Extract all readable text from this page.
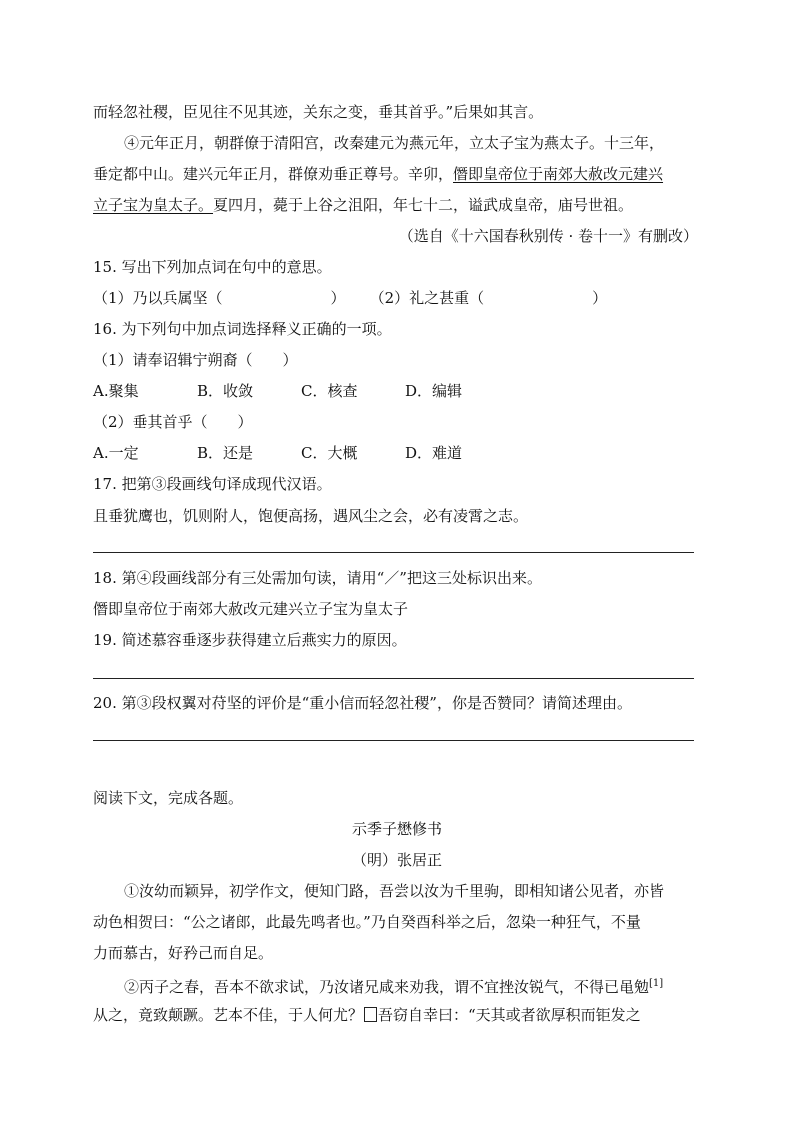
而轻忽社稷，臣见往不见其迹，关东之变，垂其首乎。”后果如其言。
④元年正月，朝群僚于清阳宫，改秦建元为燕元年，立太子宝为燕太子。十三年，
垂定都中山。建兴元年正月，群僚劝垂正尊号。辛卯，僭即皇帝位于南郊大赦改元建兴
立子宝为皇太子。夏四月，薨于上谷之沮阳，年七十二，谥武成皇帝，庙号世祖。
（选自《十六国春秋别传 · 卷十一》有删改）
15. 写出下列加点词在句中的意思。
（1）乃以兵属坚（	） （2）礼之甚重（	）
16. 为下列句中加点词选择释义正确的一项。
（1）请奉诏辑宁朔裔（　　）
A.聚集	B．收敛	C．核查	D．编辑
（2）垂其首乎（　　）
A.一定	B．还是	C．大概	D．难道
17. 把第③段画线句译成现代汉语。
且垂犹鹰也，饥则附人，饱便高扬，遇风尘之会，必有凌霄之志。
18. 第④段画线部分有三处需加句读，请用“／”把这三处标识出来。
僭即皇帝位于南郊大赦改元建兴立子宝为皇太子
19. 简述慕容垂逐步获得建立后燕实力的原因。
20. 第③段权翼对苻坚的评价是“重小信而轻忽社稷”，你是否赞同？请简述理由。
阅读下文，完成各题。
示季子懋修书
（明）张居正
①汝幼而颖异，初学作文，便知门路，吾尝以汝为千里驹，即相知诸公见者，亦皆
动色相贺曰：“公之诸郎，此最先鸣者也。”乃自癸酉科举之后，忽染一种狂气，不量
力而慕古，好矜己而自足。
②丙子之春，吾本不欲求试，乃汝诸兄咸来劝我，谓不宜挫汝锐气，不得已黾勉[1]
从之，竟致颠蹶。艺本不佳，于人何尤？ 吾窃自幸曰：“天其或者欲厚积而钜发之
